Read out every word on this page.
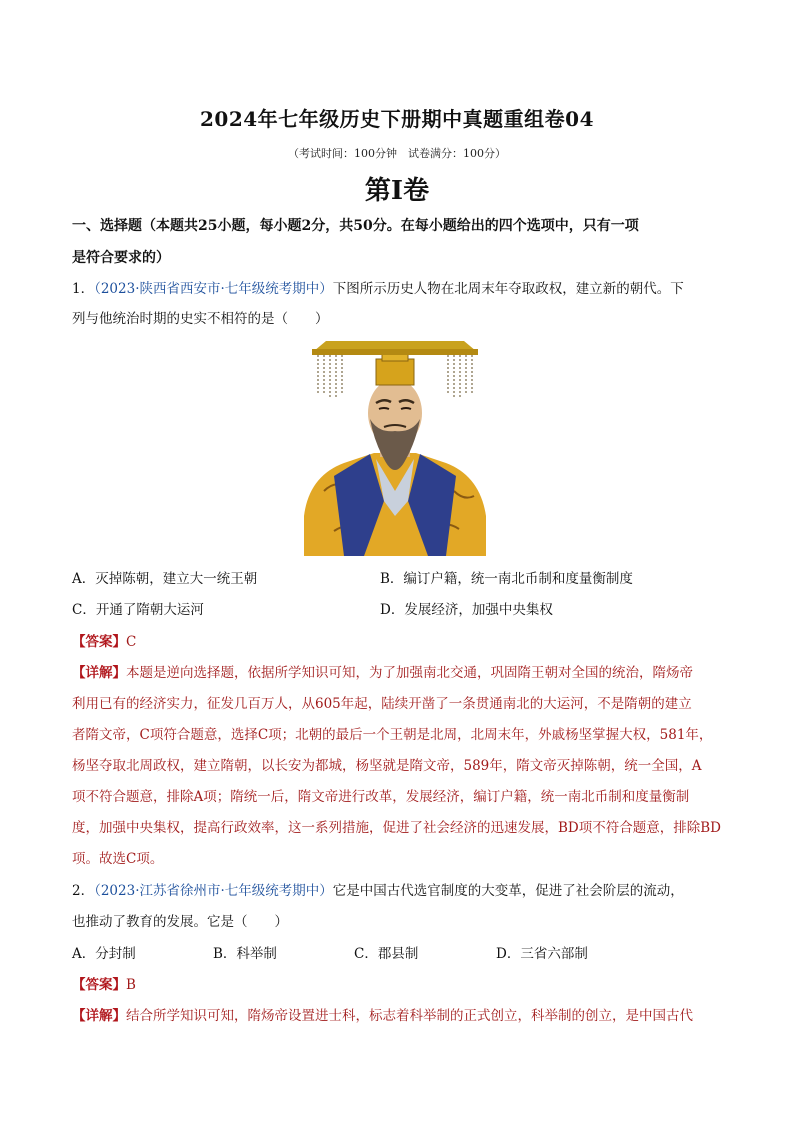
2024年七年级历史下册期中真题重组卷04
（考试时间：100分钟　试卷满分：100分）
第Ⅰ卷
一、选择题（本题共25小题，每小题2分，共50分。在每小题给出的四个选项中，只有一项
是符合要求的）
1．（2023·陕西省西安市·七年级统考期中）下图所示历史人物在北周末年夺取政权，建立新的朝代。下
列与他统治时期的史实不相符的是（　　）
A．灭掉陈朝，建立大一统王朝	B．编订户籍，统一南北币制和度量衡制度
C．开通了隋朝大运河	D．发展经济，加强中央集权
【答案】C
【详解】本题是逆向选择题，依据所学知识可知，为了加强南北交通，巩固隋王朝对全国的统治，隋炀帝
利用已有的经济实力，征发几百万人，从605年起，陆续开凿了一条贯通南北的大运河，不是隋朝的建立
者隋文帝，C项符合题意，选择C项；北朝的最后一个王朝是北周，北周末年，外戚杨坚掌握大权，581年，
杨坚夺取北周政权，建立隋朝，以长安为都城，杨坚就是隋文帝，589年，隋文帝灭掉陈朝，统一全国，A
项不符合题意，排除A项；隋统一后，隋文帝进行改革，发展经济，编订户籍，统一南北币制和度量衡制
度，加强中央集权，提高行政效率，这一系列措施，促进了社会经济的迅速发展，BD项不符合题意，排除BD
项。故选C项。
2．（2023·江苏省徐州市·七年级统考期中）它是中国古代选官制度的大变革，促进了社会阶层的流动，
也推动了教育的发展。它是（　　）
A．分封制	B．科举制	C．郡县制	D．三省六部制
【答案】B
【详解】结合所学知识可知，隋炀帝设置进士科，标志着科举制的正式创立，科举制的创立，是中国古代
